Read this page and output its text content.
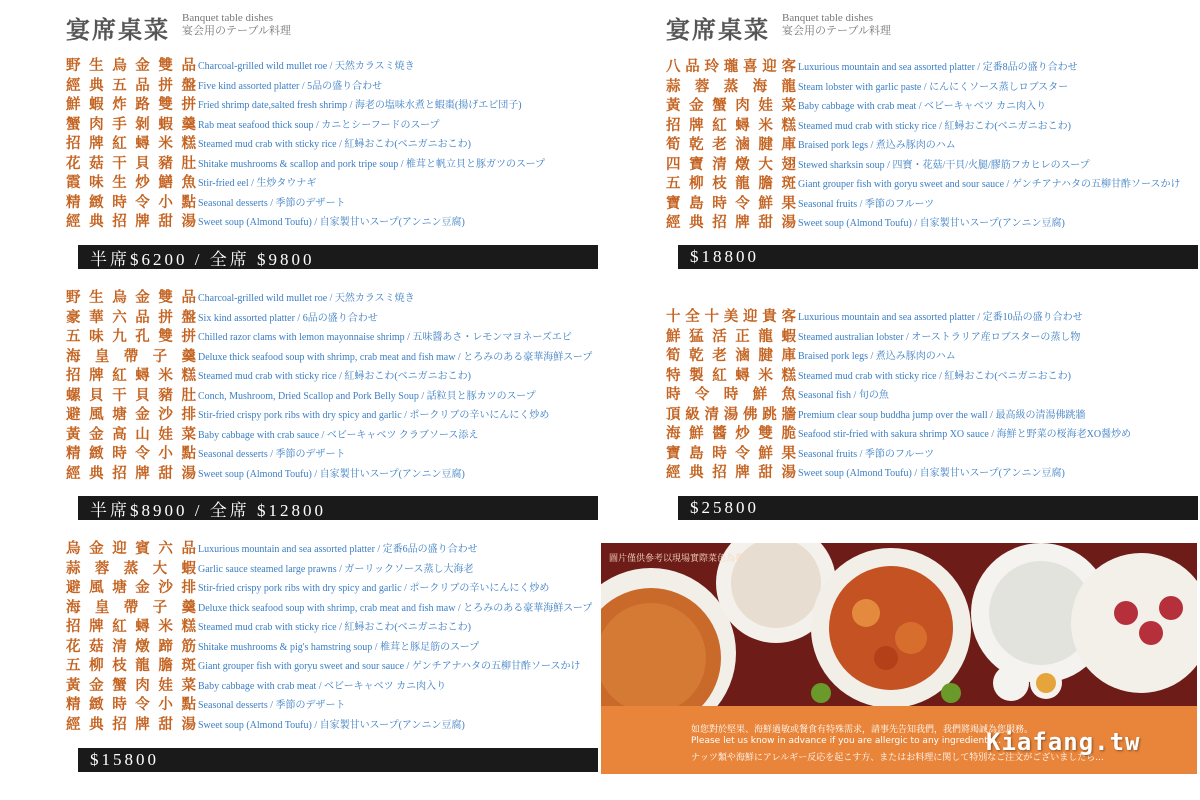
宴席桌菜 Banquet table dishes
宴会用のテーブル料理	宴席桌菜 Banquet table dishes
宴会用のテーブル料理
野 生 烏 金 雙 品 Charcoal-grilled wild mullet roe / 天然カラスミ焼き
經 典 五 品 拼 盤 Five kind assorted platter / 5品の盛り合わせ
鮮 蝦 炸 路 雙 拼 Fried shrimp date,salted fresh shrimp / 海老の塩味水煮と蝦棗(揚げエビ団子)
蟹 肉 手 剝 蝦 羹 Rab meat seafood thick soup / カニとシーフードのスープ
招 牌 紅 蟳 米 糕 Steamed mud crab with sticky rice / 紅蟳おこわ(ベニガニおこわ)
花 菇 干 貝 豬 肚 Shitake mushrooms & scallop and pork tripe soup / 椎茸と帆立貝と豚ガツのスープ
霞 味 生 炒 鱔 魚 Stir-fried eel / 生炒タウナギ
精 緻 時 令 小 點 Seasonal desserts / 季節のデザート
經 典 招 牌 甜 湯 Sweet soup (Almond Toufu) / 自家製甘いスープ(アンニン豆腐)
半席$6200 / 全席 $9800
野 生 烏 金 雙 品 Charcoal-grilled wild mullet roe / 天然カラスミ焼き
豪 華 六 品 拼 盤 Six kind assorted platter / 6品の盛り合わせ
五 味 九 孔 雙 拼 Chilled razor clams with lemon mayonnaise shrimp / 五味醬あさ・レモンマヨネーズエビ
海 皇 帶 子 羹 Deluxe thick seafood soup with shrimp, crab meat and fish maw / とろみのある豪華海鮮スープ
招 牌 紅 蟳 米 糕 Steamed mud crab with sticky rice / 紅蟳おこわ(ベニガニおこわ)
螺 貝 干 貝 豬 肚 Conch, Mushroom, Dried Scallop and Pork Belly Soup / 話粒貝と豚カツのスープ
避 風 塘 金 沙 排 Stir-fried crispy pork ribs with dry spicy and garlic / ポークリブの辛いにんにく炒め
黃 金 高 山 娃 菜 Baby cabbage with crab sauce / ベビーキャベツ クラブソース添え
精 緻 時 令 小 點 Seasonal desserts / 季節のデザート
經 典 招 牌 甜 湯 Sweet soup (Almond Toufu) / 自家製甘いスープ(アンニン豆腐)
半席$8900 / 全席 $12800
烏 金 迎 賓 六 品 Luxurious mountain and sea assorted platter / 定番6品の盛り合わせ
蒜 蓉 蒸 大 蝦 Garlic sauce steamed large prawns / ガーリックソース蒸し大海老
避 風 塘 金 沙 排 Stir-fried crispy pork ribs with dry spicy and garlic / ポークリブの辛いにんにく炒め
海 皇 帶 子 羹 Deluxe thick seafood soup with shrimp, crab meat and fish maw / とろみのある豪華海鮮スープ
招 牌 紅 蟳 米 糕 Steamed mud crab with sticky rice / 紅蟳おこわ(ベニガニおこわ)
花 菇 清 燉 蹄 筋 Shitake mushrooms & pig's hamstring soup / 椎茸と豚足筋のスープ
五 柳 枝 龍 膽 斑 Giant grouper fish with goryu sweet and sour sauce / ゲンチアナハタの五柳甘酢ソースかけ
黃 金 蟹 肉 娃 菜 Baby cabbage with crab meat / ベビーキャベツ カニ肉入り
精 緻 時 令 小 點 Seasonal desserts / 季節のデザート
經 典 招 牌 甜 湯 Sweet soup (Almond Toufu) / 自家製甘いスープ(アンニン豆腐)
$15800
八 品 玲 瓏 喜 迎 客 Luxurious mountain and sea assorted platter / 定番8品の盛り合わせ
蒜 蓉 蒸 海 龍 Steam lobster with garlic paste / にんにくソース蒸しロブスター
黃 金 蟹 肉 娃 菜 Baby cabbage with crab meat / ベビーキャベツ カニ肉入り
招 牌 紅 蟳 米 糕 Steamed mud crab with sticky rice / 紅蟳おこわ(ベニガニおこわ)
筍 乾 老 滷 腱 庫 Braised pork legs / 煮込み豚肉のハム
四 寶 清 燉 大 翅 Stewed sharksin soup / 四寶・花菇/干貝/火腿/膠筋フカヒレのスープ
五 柳 枝 龍 膽 斑 Giant grouper fish with goryu sweet and sour sauce / ゲンチアナハタの五柳甘酢ソースかけ
寶 島 時 令 鮮 果 Seasonal fruits / 季節のフルーツ
經 典 招 牌 甜 湯 Sweet soup (Almond Toufu) / 自家製甘いスープ(アンニン豆腐)
$18800
十 全 十 美 迎 貴 客 Luxurious mountain and sea assorted platter / 定番10品の盛り合わせ
鮮 猛 活 正 龍 蝦 Steamed australian lobster / オーストラリア産ロブスターの蒸し物
筍 乾 老 滷 腱 庫 Braised pork legs / 煮込み豚肉のハム
特 製 紅 蟳 米 糕 Steamed mud crab with sticky rice / 紅蟳おこわ(ベニガニおこわ)
時 令 時 鮮 魚 Seasonal fish / 旬の魚
頂 級 清 湯 佛 跳 牆 Premium clear soup buddha jump over the wall / 最高級の清湯佛跳牆
海 鮮 醬 炒 雙 脆 Seafood stir-fried with sakura shrimp XO sauce / 海鮮と野菜の桜海老XO醤炒め
寶 島 時 令 鮮 果 Seasonal fruits / 季節のフルーツ
經 典 招 牌 甜 湯 Sweet soup (Almond Toufu) / 自家製甘いスープ(アンニン豆腐)
$25800
圖片僅供參考以現場實際菜色為準
如您對於堅果、海鮮過敏或餐食有特殊需求，請事先告知我們，我們將竭誠為您服務。
Please let us know in advance if you are allergic to any ingredients...
ナッツ類や海鮮にアレルギー反応を起こす方、またはお料理に関して特別なご注文がございましたら...
Kiafang.tw
